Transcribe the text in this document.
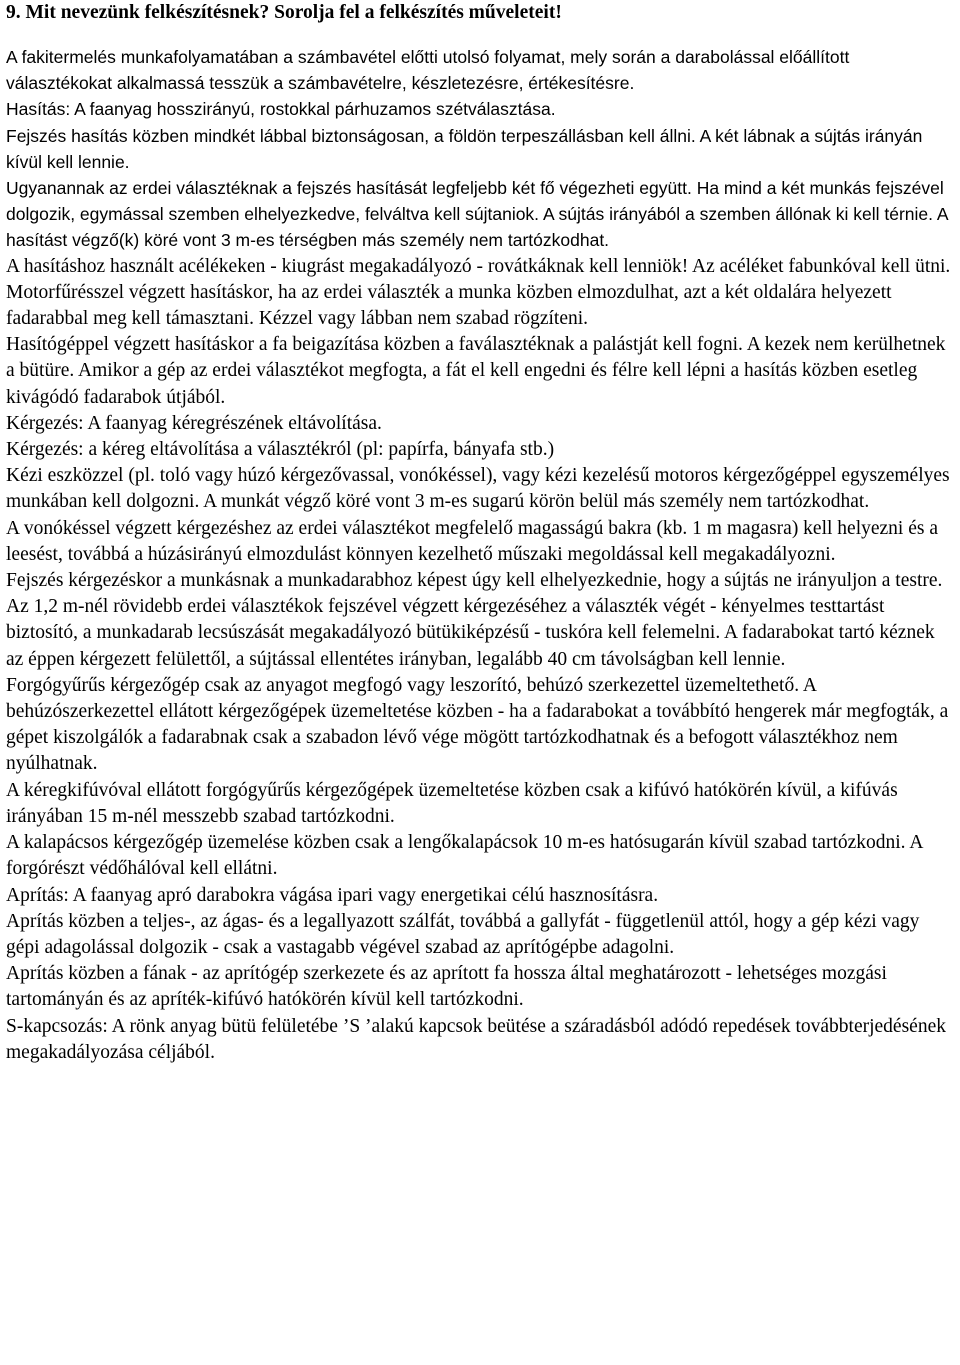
9. Mit nevezünk felkészítésnek? Sorolja fel a felkészítés műveleteit!

A fakitermelés munkafolyamatában a számbavétel előtti utolsó folyamat, mely során a darabolással előállított választékokat alkalmassá tesszük a számbavételre, készletezésre, értékesítésre.

Hasítás: A faanyag hosszirányú, rostokkal párhuzamos szétválasztása.

Fejszés hasítás közben mindkét lábbal biztonságosan, a földön terpeszállásban kell állni. A két lábnak a sújtás irányán kívül kell lennie.

Ugyanannak az erdei választéknak a fejszés hasítását legfeljebb két fő végezheti együtt. Ha mind a két munkás fejszével dolgozik, egymással szemben elhelyezkedve, felváltva kell sújtaniok. A sújtás irányából a szemben állónak ki kell térnie. A hasítást végző(k) köré vont 3 m-es térségben más személy nem tartózkodhat.

A hasításhoz használt acélékeken - kiugrást megakadályozó - rovátkáknak kell lenniök! Az acéléket fabunkóval kell ütni.

Motorfűrésszel végzett hasításkor, ha az erdei választék a munka közben elmozdulhat, azt a két oldalára helyezett fadarabbal meg kell támasztani. Kézzel vagy lábban nem szabad rögzíteni.

Hasítógéppel végzett hasításkor a fa beigazítása közben a faválasztéknak a palástját kell fogni. A kezek nem kerülhetnek a bütüre. Amikor a gép az erdei választékot megfogta, a fát el kell engedni és félre kell lépni a hasítás közben esetleg kivágódó fadarabok útjából.

Kérgezés: A faanyag kéregrészének eltávolítása.

Kérgezés: a kéreg eltávolítása a választékról (pl: papírfa, bányafa stb.)

Kézi eszközzel (pl. toló vagy húzó kérgezővassal, vonókéssel), vagy kézi kezelésű motoros kérgezőgéppel egyszemélyes munkában kell dolgozni. A munkát végző köré vont 3 m-es sugarú körön belül más személy nem tartózkodhat.

A vonókéssel végzett kérgezéshez az erdei választékot megfelelő magasságú bakra (kb. 1 m magasra) kell helyezni és a leesést, továbbá a húzásirányú elmozdulást könnyen kezelhető műszaki megoldással kell megakadályozni.

Fejszés kérgezéskor a munkásnak a munkadarabhoz képest úgy kell elhelyezkednie, hogy a sújtás ne irányuljon a testre.

Az 1,2 m-nél rövidebb erdei választékok fejszével végzett kérgezéséhez a választék végét - kényelmes testtartást biztosító, a munkadarab lecsúszását megakadályozó bütükiképzésű - tuskóra kell felemelni. A fadarabokat tartó kéznek az éppen kérgezett felülettől, a sújtással ellentétes irányban, legalább 40 cm távolságban kell lennie.

Forgógyűrűs kérgezőgép csak az anyagot megfogó vagy leszorító, behúzó szerkezettel üzemeltethető. A behúzószerkezettel ellátott kérgezőgépek üzemeltetése közben - ha a fadarabokat a továbbító hengerek már megfogták, a gépet kiszolgálók a fadarabnak csak a szabadon lévő vége mögött tartózkodhatnak és a befogott választékhoz nem nyúlhatnak.

A kéregkifúvóval ellátott forgógyűrűs kérgezőgépek üzemeltetése közben csak a kifúvó hatókörén kívül, a kifúvás irányában 15 m-nél messzebb szabad tartózkodni.

A kalapácsos kérgezőgép üzemelése közben csak a lengőkalapácsok 10 m-es hatósugarán kívül szabad tartózkodni. A forgórészt védőhálóval kell ellátni.

Aprítás: A faanyag apró darabokra vágása ipari vagy energetikai célú hasznosításra.

Aprítás közben a teljes-, az ágas- és a legallyazott szálfát, továbbá a gallyfát - függetlenül attól, hogy a gép kézi vagy gépi adagolással dolgozik - csak a vastagabb végével szabad az aprítógépbe adagolni.

Aprítás közben a fának - az aprítógép szerkezete és az aprított fa hossza által meghatározott - lehetséges mozgási tartományán és az apríték-kifúvó hatókörén kívül kell tartózkodni.

S-kapcsozás: A rönk anyag bütü felületébe ’S ’alakú kapcsok beütése a száradásból adódó repedések továbbterjedésének megakadályozása céljából.
